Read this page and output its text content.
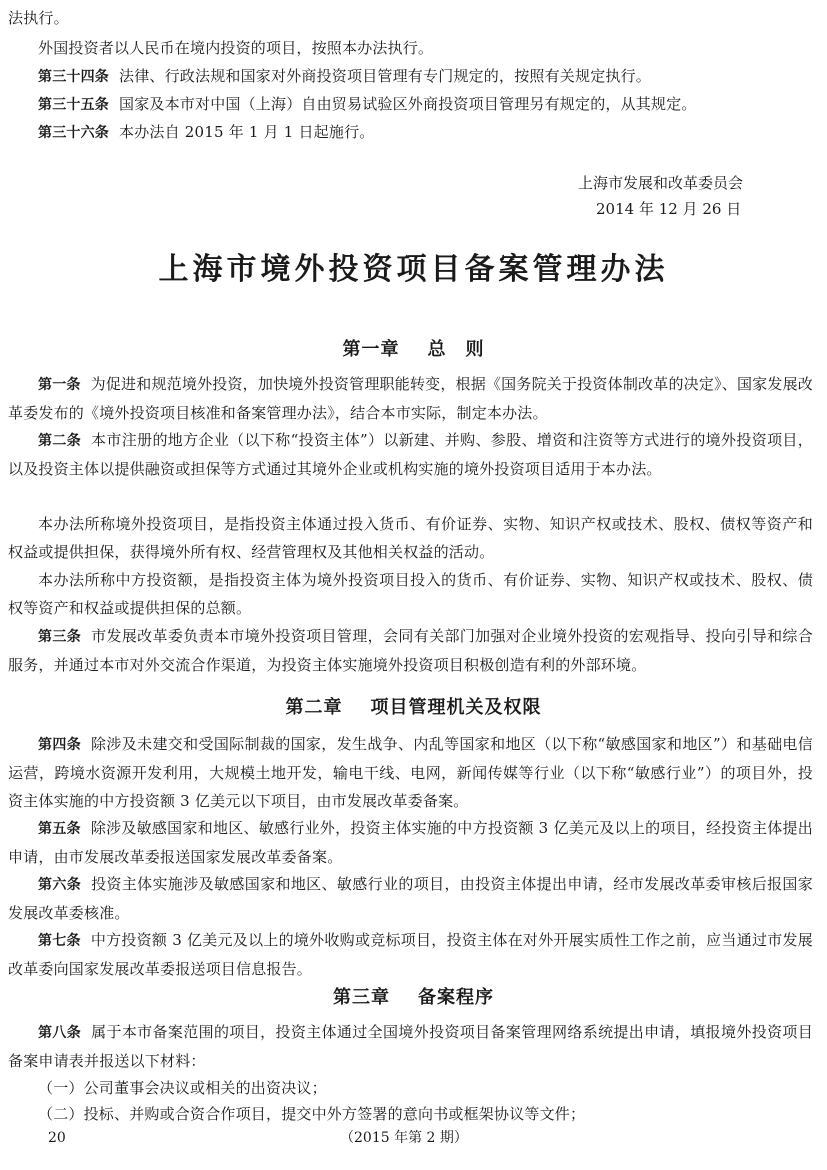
法执行。

外国投资者以人民币在境内投资的项目，按照本办法执行。

第三十四条 法律、行政法规和国家对外商投资项目管理有专门规定的，按照有关规定执行。

第三十五条 国家及本市对中国（上海）自由贸易试验区外商投资项目管理另有规定的，从其规定。

第三十六条 本办法自 2015 年 1 月 1 日起施行。

上海市发展和改革委员会

2014 年 12 月 26 日

上海市境外投资项目备案管理办法
第一章 总　则

第一条 为促进和规范境外投资，加快境外投资管理职能转变，根据《国务院关于投资体制改革的决定》、国家发展改革委发布的《境外投资项目核准和备案管理办法》，结合本市实际，制定本办法。

第二条 本市注册的地方企业（以下称“投资主体”）以新建、并购、参股、增资和注资等方式进行的境外投资项目，以及投资主体以提供融资或担保等方式通过其境外企业或机构实施的境外投资项目适用于本办法。

本办法所称境外投资项目，是指投资主体通过投入货币、有价证券、实物、知识产权或技术、股权、债权等资产和权益或提供担保，获得境外所有权、经营管理权及其他相关权益的活动。

本办法所称中方投资额，是指投资主体为境外投资项目投入的货币、有价证券、实物、知识产权或技术、股权、债权等资产和权益或提供担保的总额。

第三条 市发展改革委负责本市境外投资项目管理，会同有关部门加强对企业境外投资的宏观指导、投向引导和综合服务，并通过本市对外交流合作渠道，为投资主体实施境外投资项目积极创造有利的外部环境。

第二章 项目管理机关及权限

第四条 除涉及未建交和受国际制裁的国家，发生战争、内乱等国家和地区（以下称“敏感国家和地区”）和基础电信运营，跨境水资源开发利用，大规模土地开发，输电干线、电网，新闻传媒等行业（以下称“敏感行业”）的项目外，投资主体实施的中方投资额 3 亿美元以下项目，由市发展改革委备案。

第五条 除涉及敏感国家和地区、敏感行业外，投资主体实施的中方投资额 3 亿美元及以上的项目，经投资主体提出申请，由市发展改革委报送国家发展改革委备案。

第六条 投资主体实施涉及敏感国家和地区、敏感行业的项目，由投资主体提出申请，经市发展改革委审核后报国家发展改革委核准。

第七条 中方投资额 3 亿美元及以上的境外收购或竞标项目，投资主体在对外开展实质性工作之前，应当通过市发展改革委向国家发展改革委报送项目信息报告。

第三章 备案程序

第八条 属于本市备案范围的项目，投资主体通过全国境外投资项目备案管理网络系统提出申请，填报境外投资项目备案申请表并报送以下材料：

（一）公司董事会决议或相关的出资决议；

（二）投标、并购或合资合作项目，提交中外方签署的意向书或框架协议等文件；

20	（2015 年第 2 期）
